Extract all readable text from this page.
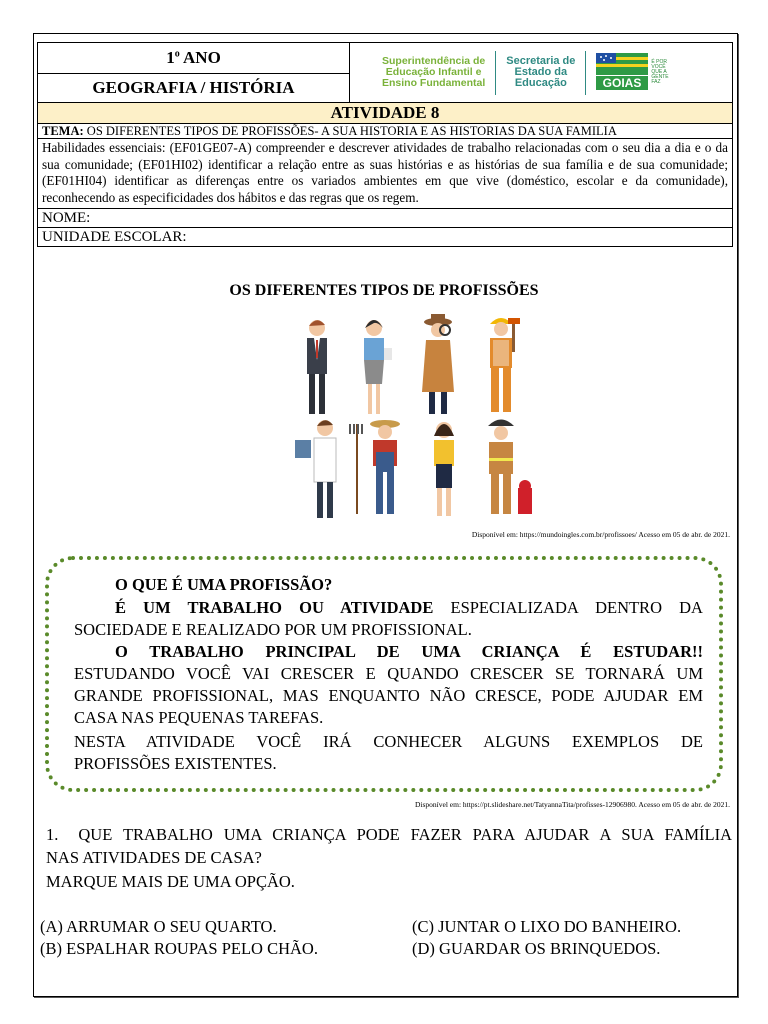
1$^o$ ANO	Superintendência de
Educação Infantil e
Ensino Fundamental
Secretaria de
Estado da
Educação	GOIAS
É POR
VOCÊ
QUE A
GENTE
FAZ

GEOGRAFIA / HISTÓRIA
ATIVIDADE 8
TEMA: OS DIFERENTES TIPOS DE PROFISSÕES- A SUA HISTORIA E AS HISTORIAS DA SUA FAMILIA
Habilidades essenciais: (EF01GE07-A) compreender e descrever atividades de trabalho relacionadas com o seu dia a dia e o da sua comunidade; (EF01HI02) identificar a relação entre as suas histórias e as histórias de sua família e de sua comunidade; (EF01HI04) identificar as diferenças entre os variados ambientes em que vive (doméstico, escolar e da comunidade), reconhecendo as especificidades dos hábitos e das regras que os regem.
NOME:
UNIDADE ESCOLAR:
OS DIFERENTES TIPOS DE PROFISSÕES
Disponível em: https://mundoingles.com.br/profissoes/ Acesso em 05 de abr. de 2021.
O QUE É UMA PROFISSÃO?
É UM TRABALHO OU ATIVIDADE ESPECIALIZADA DENTRO DA
SOCIEDADE E REALIZADO POR UM PROFISSIONAL.
O TRABALHO PRINCIPAL DE UMA CRIANÇA É ESTUDAR!!
ESTUDANDO VOCÊ VAI CRESCER E QUANDO CRESCER SE TORNARÁ UM
GRANDE PROFISSIONAL, MAS ENQUANTO NÃO CRESCE, PODE AJUDAR EM
CASA NAS PEQUENAS TAREFAS.
NESTA ATIVIDADE VOCÊ IRÁ CONHECER ALGUNS EXEMPLOS DE
PROFISSÕES EXISTENTES.
Disponível em: https://pt.slideshare.net/TatyannaTita/profisses-12906980. Acesso em 05 de abr. de 2021.
1. QUE TRABALHO UMA CRIANÇA PODE FAZER PARA AJUDAR A SUA FAMÍLIA
NAS ATIVIDADES DE CASA?
MARQUE MAIS DE UMA OPÇÃO.
(A) ARRUMAR O SEU QUARTO.
(B) ESPALHAR ROUPAS PELO CHÃO.
(C) JUNTAR O LIXO DO BANHEIRO.
(D) GUARDAR OS BRINQUEDOS.
